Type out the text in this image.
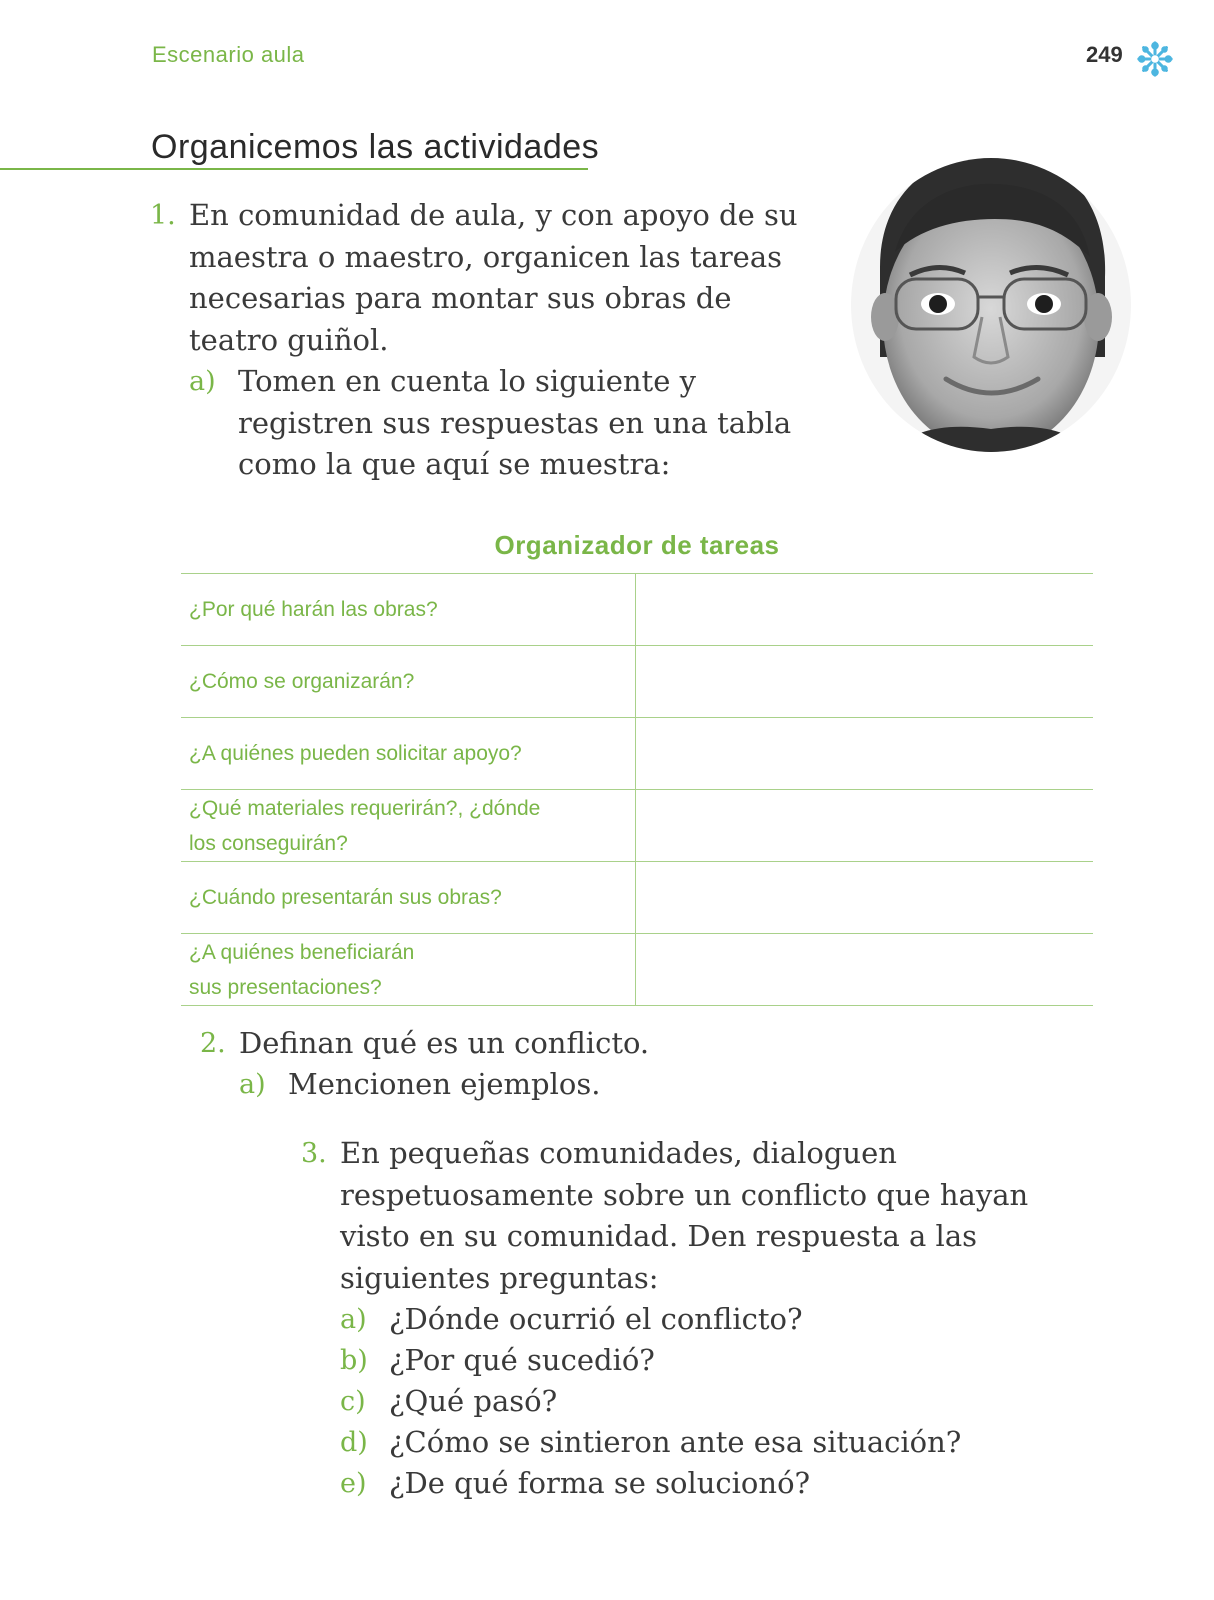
Escenario aula	249
Organicemos las actividades
1. En comunidad de aula, y con apoyo de su
maestra o maestro, organicen las tareas
necesarias para montar sus obras de
teatro guiñol.
a) Tomen en cuenta lo siguiente y
registren sus respuestas en una tabla
como la que aquí se muestra:
Organizador de tareas
¿Por qué harán las obras?	

¿Cómo se organizarán?	

¿A quiénes pueden solicitar apoyo?	

¿Qué materiales requerirán?, ¿dónde
los conseguirán?	

¿Cuándo presentarán sus obras?	

¿A quiénes beneficiarán
sus presentaciones?	

2. Definan qué es un conflicto.
a) Mencionen ejemplos.
3. En pequeñas comunidades, dialoguen
respetuosamente sobre un conflicto que hayan
visto en su comunidad. Den respuesta a las
siguientes preguntas:
a) ¿Dónde ocurrió el conflicto?
b) ¿Por qué sucedió?
c) ¿Qué pasó?
d) ¿Cómo se sintieron ante esa situación?
e) ¿De qué forma se solucionó?
